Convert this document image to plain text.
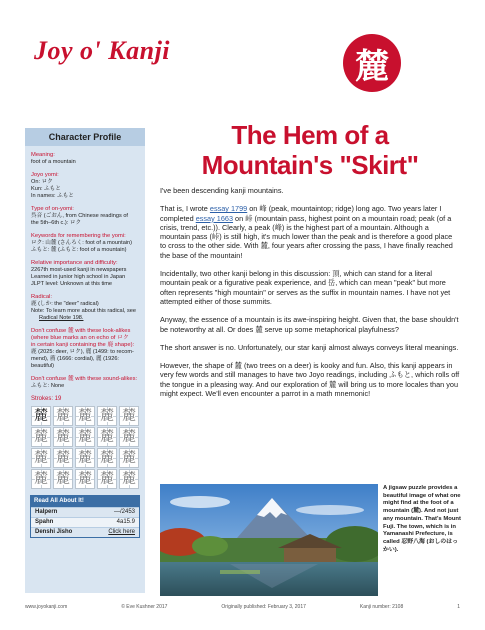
Joy o' Kanji	麓
Character Profile
Meaning:
foot of a mountain
Joyo yomi:
On: ロク
Kun: ふもと
In names: ふもと
Type of on-yomi:
呉音 (ごおん, from Chinese readings of
the 5th–6th c.): ロク
Keywords for remembering the yomi:
ロク: 山麓 (さんろく: foot of a mountain)
ふもと: 麓 (ふもと: foot of a mountain)
Relative importance and difficulty:
2267th most-used kanji in newspapers
Learned in junior high school in Japan
JLPT level: Unknown at this time
Radical:
鹿 (しか: the "deer" radical)
Note: To learn more about this radical, see
Radical Note 198.
Don't confuse 麓 with these look-alikes
(where blue marks an on echo of ロク
in certain kanji containing the 鹿 shape):
鹿 (2025: deer, ロク), 麗 (1499: to recom-
mend), 薦 (1666: cordial), 麗 (1926:
beautiful)
Don't confuse 麓 with these sound-alikes:
ふもと: None
Strokes: 19
麓 麓 麓 麓 麓
麓 麓 麓 麓 麓
麓 麓 麓 麓 麓
麓 麓 麓 麓 麓
Read All About It!
Halpern	—/2453
Spahn	4a15.9
Denshi Jisho	Click here
The Hem of a
Mountain's "Skirt"

I've been descending kanji mountains.

That is, I wrote essay 1799 on 峰 (peak, mountaintop; ridge) long ago. Two years later I completed essay 1663 on 峠 (mountain pass, highest point on a mountain road; peak (of a crisis, trend, etc.)). Clearly, a peak (峰) is the highest part of a mountain. Although a mountain pass (峠) is still high, it's much lower than the peak and is therefore a good place to cross to the other side. With 麓, four years after crossing the pass, I have finally reached the base of the mountain!

Incidentally, two other kanji belong in this discussion: 頂, which can stand for a literal mountain peak or a figurative peak experience, and 岳, which can mean "peak" but more often represents "high mountain" or serves as the suffix in mountain names. I have not yet attempted either of those summits.

Anyway, the essence of a mountain is its awe-inspiring height. Given that, the base shouldn't be noteworthy at all. Or does 麓 serve up some metaphorical playfulness?

The short answer is no. Unfortunately, our star kanji almost always conveys literal meanings.

However, the shape of 麓 (two trees on a deer) is kooky and fun. Also, this kanji appears in very few words and still manages to have two Joyo readings, including ふもと, which rolls off the tongue in a pleasing way. And our exploration of 麓 will bring us to more locales than you might expect. We'll even encounter a parrot in a math mnemonic!

A jigsaw puzzle provides a beautiful image of what one might find at the foot of a mountain (麓). And not just any mountain. That's Mount Fuji. The town, which is in Yamanashi Prefecture, is called 忍野八海 (おしのはっかい).
www.joyokanji.com	© Eve Kushner 2017	Originally published: February 3, 2017	Kanji number: 2108	1
